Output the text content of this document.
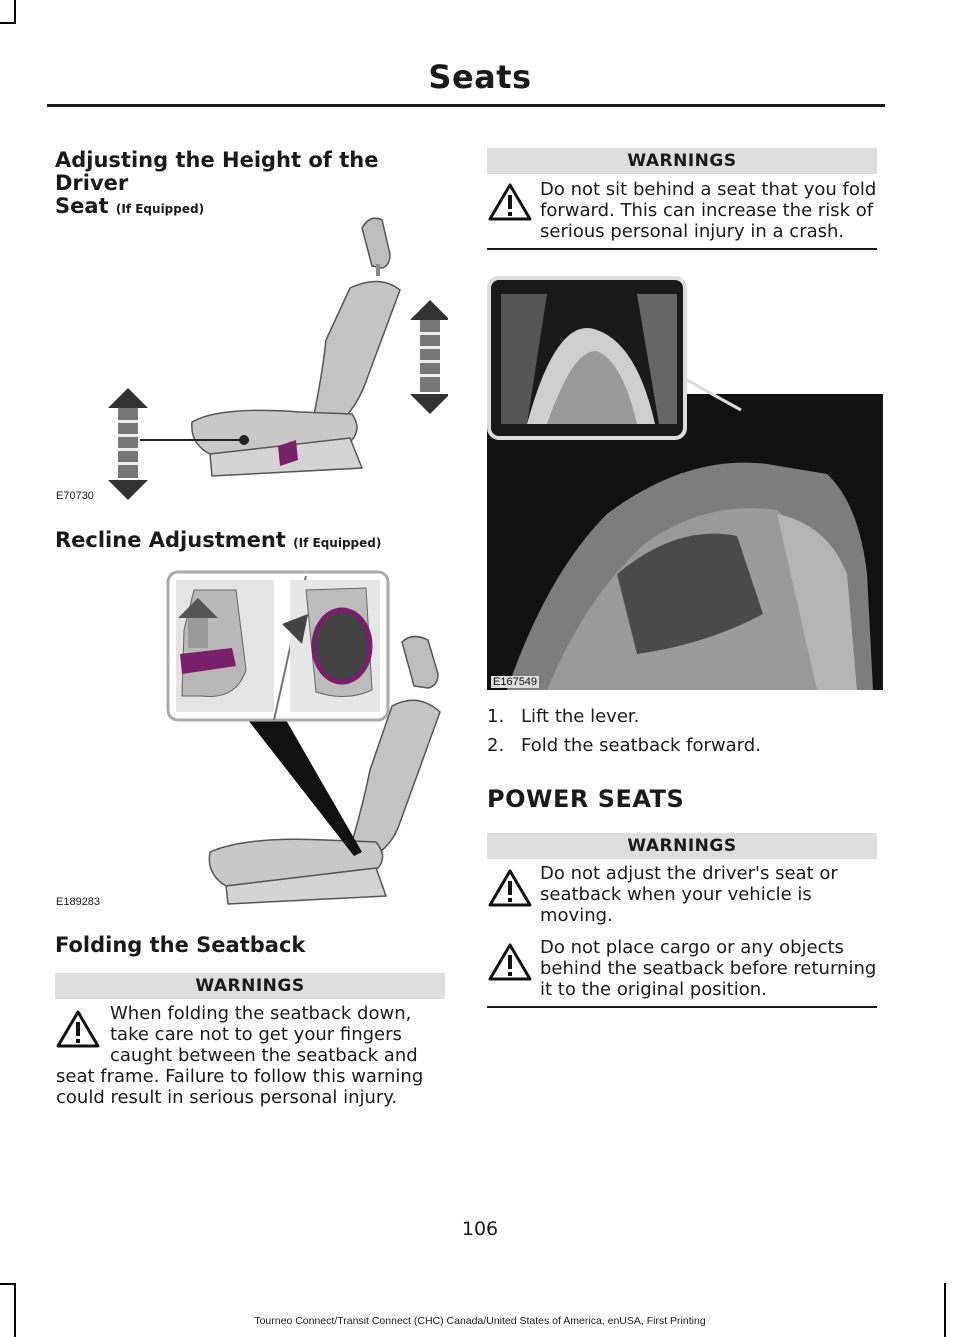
Seats
Adjusting the Height of the Driver
Seat (If Equipped)
E70730
Recline Adjustment (If Equipped)
E189283
Folding the Seatback
WARNINGS
When folding the seatback down,
take care not to get your fingers
caught between the seatback and
seat frame. Failure to follow this warning
could result in serious personal injury.
WARNINGS
Do not sit behind a seat that you fold
forward. This can increase the risk of
serious personal injury in a crash.
E167549
1. Lift the lever.
2. Fold the seatback forward.
POWER SEATS
WARNINGS
Do not adjust the driver's seat or
seatback when your vehicle is
moving.
Do not place cargo or any objects
behind the seatback before returning
it to the original position.
106
Tourneo Connect/Transit Connect (CHC) Canada/United States of America, enUSA, First Printing
